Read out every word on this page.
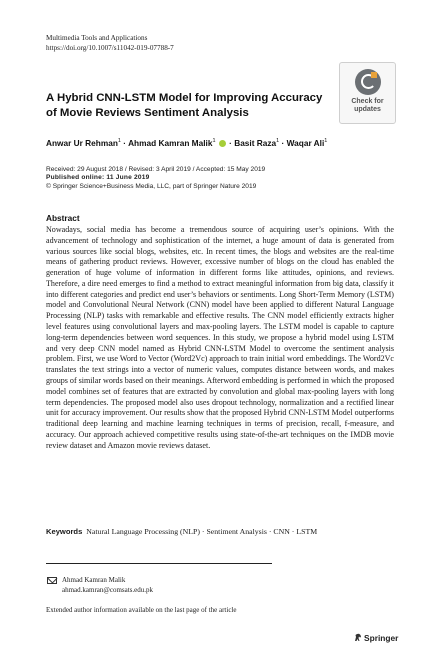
Multimedia Tools and Applications
https://doi.org/10.1007/s11042-019-07788-7
Check for
updates
A Hybrid CNN-LSTM Model for Improving Accuracy of Movie Reviews Sentiment Analysis
Anwar Ur Rehman$^1$ · Ahmad Kamran Malik$^1$  · Basit Raza$^1$ · Waqar Ali$^1$
Received: 29 August 2018 / Revised: 3 April 2019 / Accepted: 15 May 2019
Published online: 11 June 2019
© Springer Science+Business Media, LLC, part of Springer Nature 2019
Abstract
Nowadays, social media has become a tremendous source of acquiring user’s opinions. With the advancement of technology and sophistication of the internet, a huge amount of data is generated from various sources like social blogs, websites, etc. In recent times, the blogs and websites are the real-time means of gathering product reviews. However, excessive number of blogs on the cloud has enabled the generation of huge volume of information in different forms like attitudes, opinions, and reviews. Therefore, a dire need emerges to find a method to extract meaningful information from big data, classify it into different categories and predict end user’s behaviors or sentiments. Long Short-Term Memory (LSTM) model and Convolutional Neural Network (CNN) model have been applied to different Natural Language Processing (NLP) tasks with remarkable and effective results. The CNN model efficiently extracts higher level features using convolutional layers and max-pooling layers. The LSTM model is capable to capture long-term dependencies between word sequences. In this study, we propose a hybrid model using LSTM and very deep CNN model named as Hybrid CNN-LSTM Model to overcome the sentiment analysis problem. First, we use Word to Vector (Word2Vc) approach to train initial word embeddings. The Word2Vc translates the text strings into a vector of numeric values, computes distance between words, and makes groups of similar words based on their meanings. Afterword embedding is performed in which the proposed model combines set of features that are extracted by convolution and global max-pooling layers with long term dependencies. The proposed model also uses dropout technology, normalization and a rectified linear unit for accuracy improvement. Our results show that the proposed Hybrid CNN-LSTM Model outperforms traditional deep learning and machine learning techniques in terms of precision, recall, f-measure, and accuracy. Our approach achieved competitive results using state-of-the-art techniques on the IMDB movie review dataset and Amazon movie reviews dataset.
Keywords Natural Language Processing (NLP) · Sentiment Analysis · CNN · LSTM
Ahmad Kamran Malik
ahmad.kamran@comsats.edu.pk
Extended author information available on the last page of the article
Springer
